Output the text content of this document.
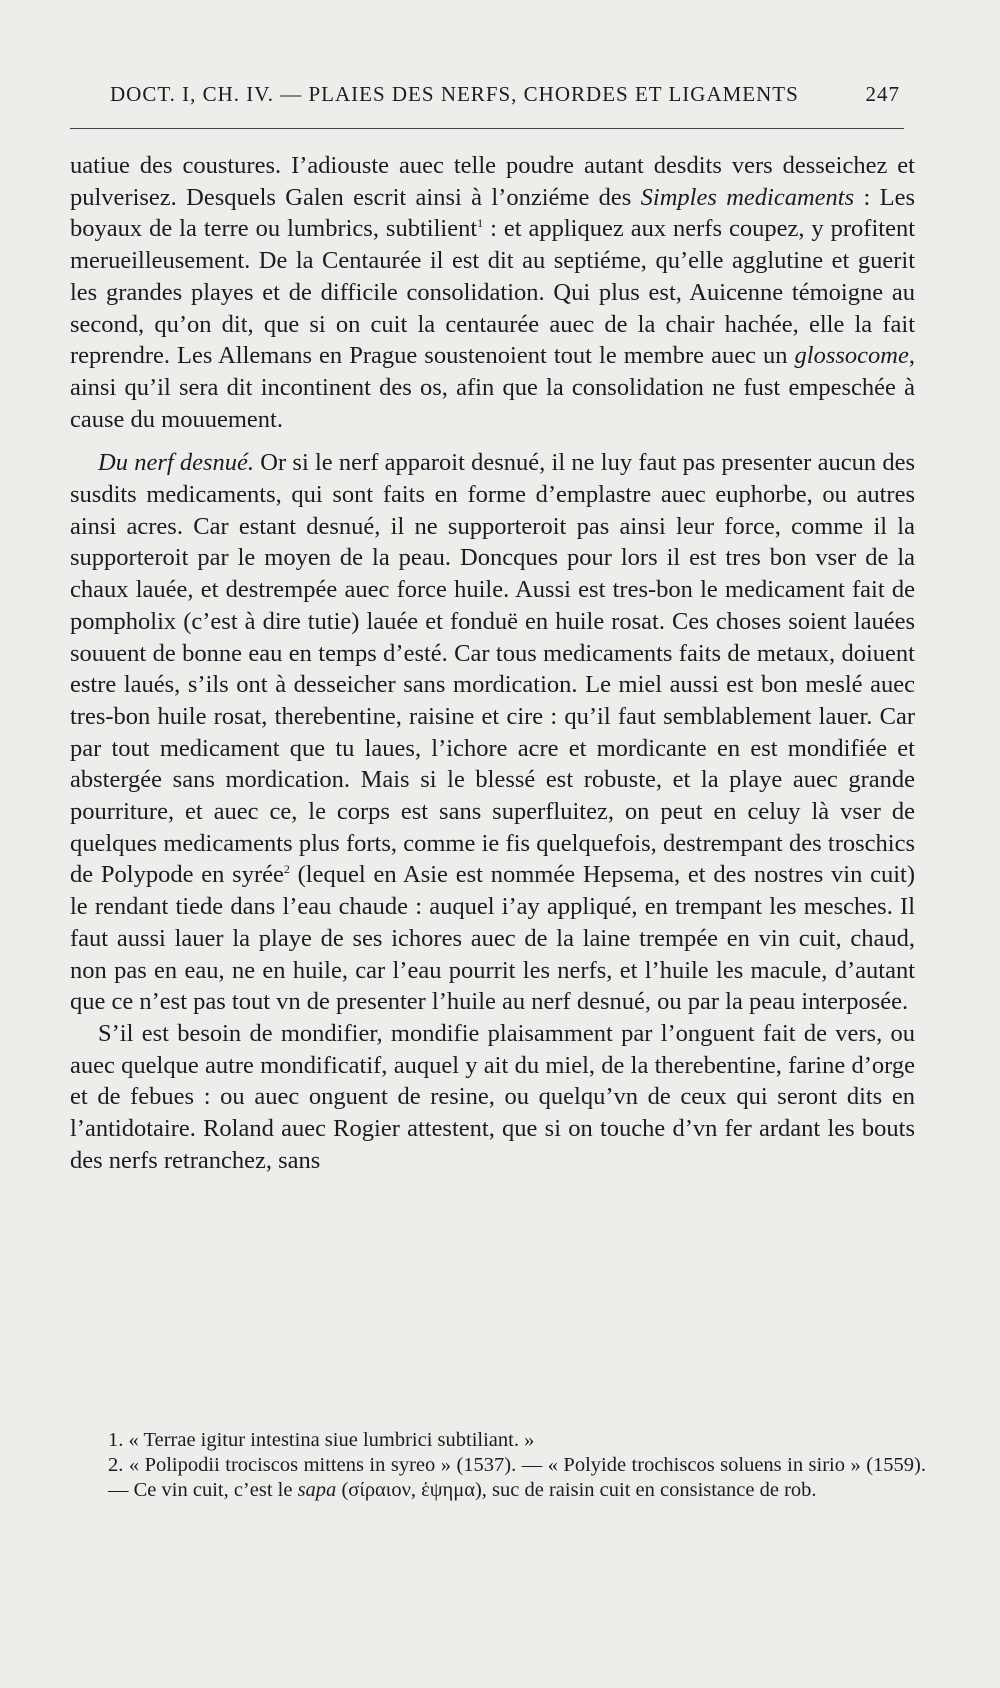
DOCT. I, CH. IV. — PLAIES DES NERFS, CHORDES ET LIGAMENTS	247

uatiue des coustures. I’adiouste auec telle poudre autant desdits vers desseichez et pulverisez. Desquels Galen escrit ainsi à l’onziéme des Simples medicaments : Les boyaux de la terre ou lumbrics, subtilient$^1$ : et appliquez aux nerfs coupez, y profitent merueilleusement. De la Centaurée il est dit au septiéme, qu’elle agglutine et guerit les grandes playes et de difficile consolidation. Qui plus est, Auicenne témoigne au second, qu’on dit, que si on cuit la centaurée auec de la chair hachée, elle la fait reprendre. Les Allemans en Prague soustenoient tout le membre auec un glossocome, ainsi qu’il sera dit incontinent des os, afin que la consolidation ne fust empeschée à cause du mouuement.

Du nerf desnué. Or si le nerf apparoit desnué, il ne luy faut pas presenter aucun des susdits medicaments, qui sont faits en forme d’emplastre auec euphorbe, ou autres ainsi acres. Car estant desnué, il ne supporteroit pas ainsi leur force, comme il la supporteroit par le moyen de la peau. Doncques pour lors il est tres bon vser de la chaux lauée, et destrempée auec force huile. Aussi est tres-bon le medicament fait de pompholix (c’est à dire tutie) lauée et fonduë en huile rosat. Ces choses soient lauées souuent de bonne eau en temps d’esté. Car tous medicaments faits de metaux, doiuent estre laués, s’ils ont à desseicher sans mordication. Le miel aussi est bon meslé auec tres-bon huile rosat, therebentine, raisine et cire : qu’il faut semblablement lauer. Car par tout medicament que tu laues, l’ichore acre et mordicante en est mondifiée et abstergée sans mordication. Mais si le blessé est robuste, et la playe auec grande pourriture, et auec ce, le corps est sans superfluitez, on peut en celuy là vser de quelques medicaments plus forts, comme ie fis quelquefois, destrempant des troschics de Polypode en syrée$^2$ (lequel en Asie est nommée Hepsema, et des nostres vin cuit) le rendant tiede dans l’eau chaude : auquel i’ay appliqué, en trempant les mesches. Il faut aussi lauer la playe de ses ichores auec de la laine trempée en vin cuit, chaud, non pas en eau, ne en huile, car l’eau pourrit les nerfs, et l’huile les macule, d’autant que ce n’est pas tout vn de presenter l’huile au nerf desnué, ou par la peau interposée.

S’il est besoin de mondifier, mondifie plaisamment par l’onguent fait de vers, ou auec quelque autre mondificatif, auquel y ait du miel, de la therebentine, farine d’orge et de febues : ou auec onguent de resine, ou quelqu’vn de ceux qui seront dits en l’antidotaire. Roland auec Rogier attestent, que si on touche d’vn fer ardant les bouts des nerfs retranchez, sans

1. « Terrae igitur intestina siue lumbrici subtiliant. »

2. « Polipodii trociscos mittens in syreo » (1537). — « Polyide trochiscos soluens in sirio » (1559). — Ce vin cuit, c’est le sapa (σίραιον, ἑψημα), suc de raisin cuit en consistance de rob.
